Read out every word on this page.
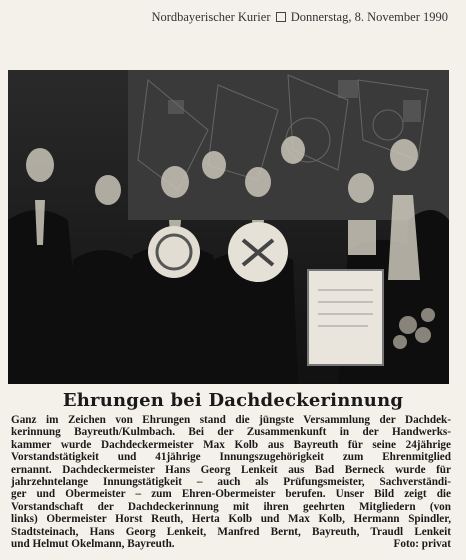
Nordbayerischer Kurier Donnerstag, 8. November 1990
Ehrungen bei Dachdeckerinnung
Ganz im Zeichen von Ehrungen stand die jüngste Versammlung der Dachdek-
kerinnung Bayreuth/Kulmbach. Bei der Zusammenkunft in der Handwerks-
kammer wurde Dachdeckermeister Max Kolb aus Bayreuth für seine 24jährige
Vorstandstätigkeit und 41jährige Innungszugehörigkeit zum Ehrenmitglied
ernannt. Dachdeckermeister Hans Georg Lenkeit aus Bad Berneck wurde für
jahrzehntelange Innungstätigkeit – auch als Prüfungsmeister, Sachverständi-
ger und Obermeister – zum Ehren-Obermeister berufen. Unser Bild zeigt die
Vorstandschaft der Dachdeckerinnung mit ihren geehrten Mitgliedern (von
links) Obermeister Horst Reuth, Herta Kolb und Max Kolb, Hermann Spindler,
Stadtsteinach, Hans Georg Lenkeit, Manfred Bernt, Bayreuth, Traudl Lenkeit
und Helmut Okelmann, Bayreuth.	Foto: privat
